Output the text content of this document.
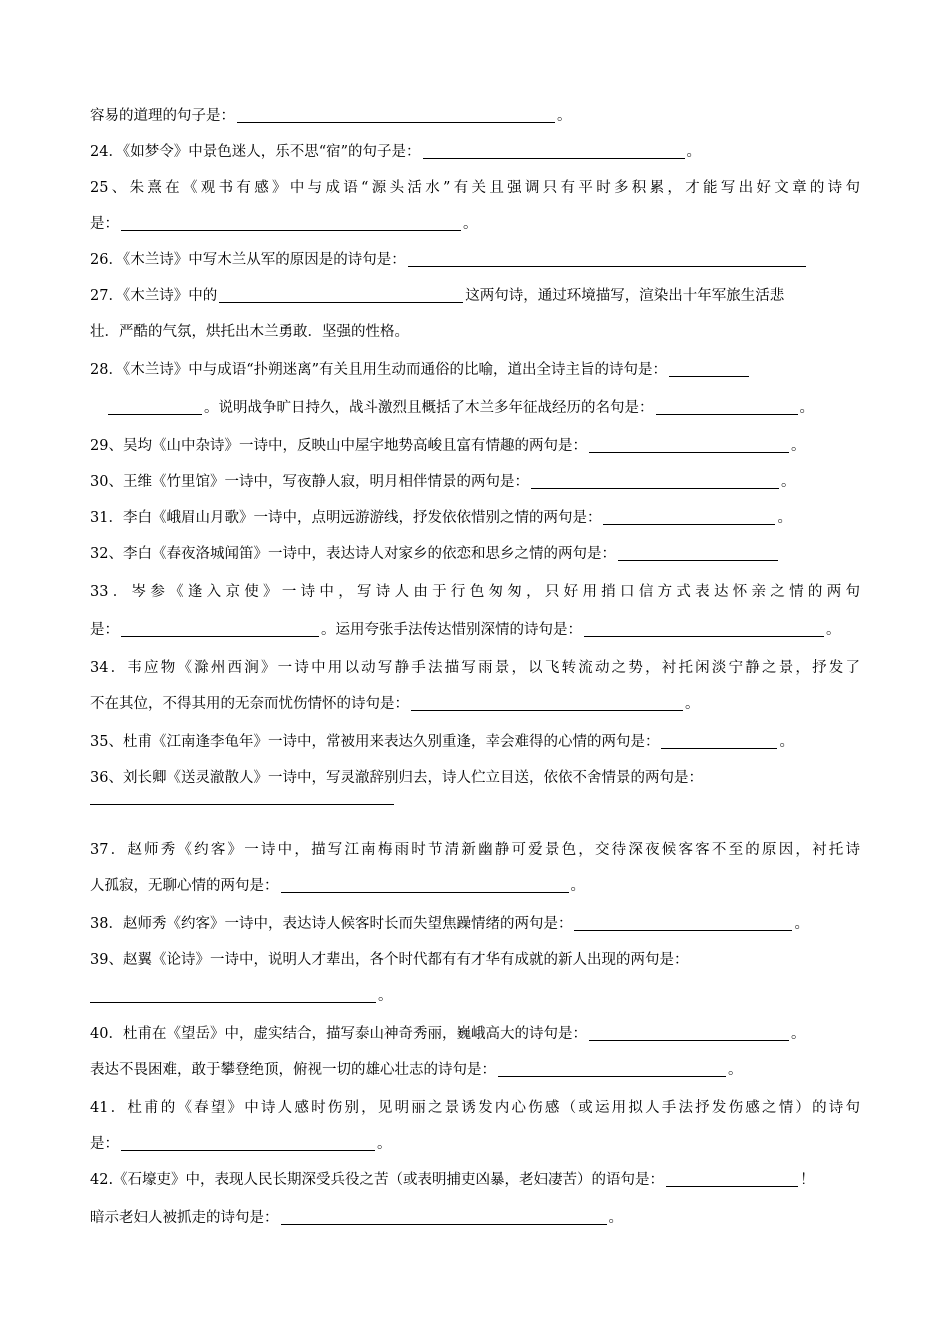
容易的道理的句子是：	。
24．《如梦令》中景色迷人，乐不思“宿”的句子是：	。
25、朱熹在《观书有感》中与成语“源头活水”有关且强调只有平时多积累，才能写出好文章的诗句
是：	。
26．《木兰诗》中写木兰从军的原因是的诗句是：
27．《木兰诗》中的	这两句诗，通过环境描写，渲染出十年军旅生活悲
壮．严酷的气氛，烘托出木兰勇敢．坚强的性格。
28．《木兰诗》中与成语“扑朔迷离”有关且用生动而通俗的比喻，道出全诗主旨的诗句是：
。说明战争旷日持久，战斗激烈且概括了木兰多年征战经历的名句是：	。
29、吴均《山中杂诗》一诗中，反映山中屋宇地势高峻且富有情趣的两句是：	。
30、王维《竹里馆》一诗中，写夜静人寂，明月相伴情景的两句是：	。
31．李白《峨眉山月歌》一诗中，点明远游游线，抒发依依惜别之情的两句是：	。
32、李白《春夜洛城闻笛》一诗中，表达诗人对家乡的依恋和思乡之情的两句是：
33．岑参《逢入京使》一诗中，写诗人由于行色匆匆，只好用捎口信方式表达怀亲之情的两句
是：	。运用夸张手法传达惜别深情的诗句是：	。
34．韦应物《滁州西涧》一诗中用以动写静手法描写雨景，以飞转流动之势，衬托闲淡宁静之景，抒发了
不在其位，不得其用的无奈而忧伤情怀的诗句是：	。
35、杜甫《江南逢李龟年》一诗中，常被用来表达久别重逢，幸会难得的心情的两句是：	。
36、刘长卿《送灵澈散人》一诗中，写灵澈辞别归去，诗人伫立目送，依依不舍情景的两句是：
37．赵师秀《约客》一诗中，描写江南梅雨时节清新幽静可爱景色，交待深夜候客客不至的原因，衬托诗
人孤寂，无聊心情的两句是：	。
38．赵师秀《约客》一诗中，表达诗人候客时长而失望焦躁情绪的两句是：	。
39、赵翼《论诗》一诗中，说明人才辈出，各个时代都有有才华有成就的新人出现的两句是：
。
40．杜甫在《望岳》中，虚实结合，描写泰山神奇秀丽，巍峨高大的诗句是：	。
表达不畏困难，敢于攀登绝顶，俯视一切的雄心壮志的诗句是：	。
41．杜甫的《春望》中诗人感时伤别，见明丽之景诱发内心伤感（或运用拟人手法抒发伤感之情）的诗句
是：	。
42.《石壕吏》中，表现人民长期深受兵役之苦（或表明捕吏凶暴，老妇凄苦）的语句是：	！
暗示老妇人被抓走的诗句是：	。
